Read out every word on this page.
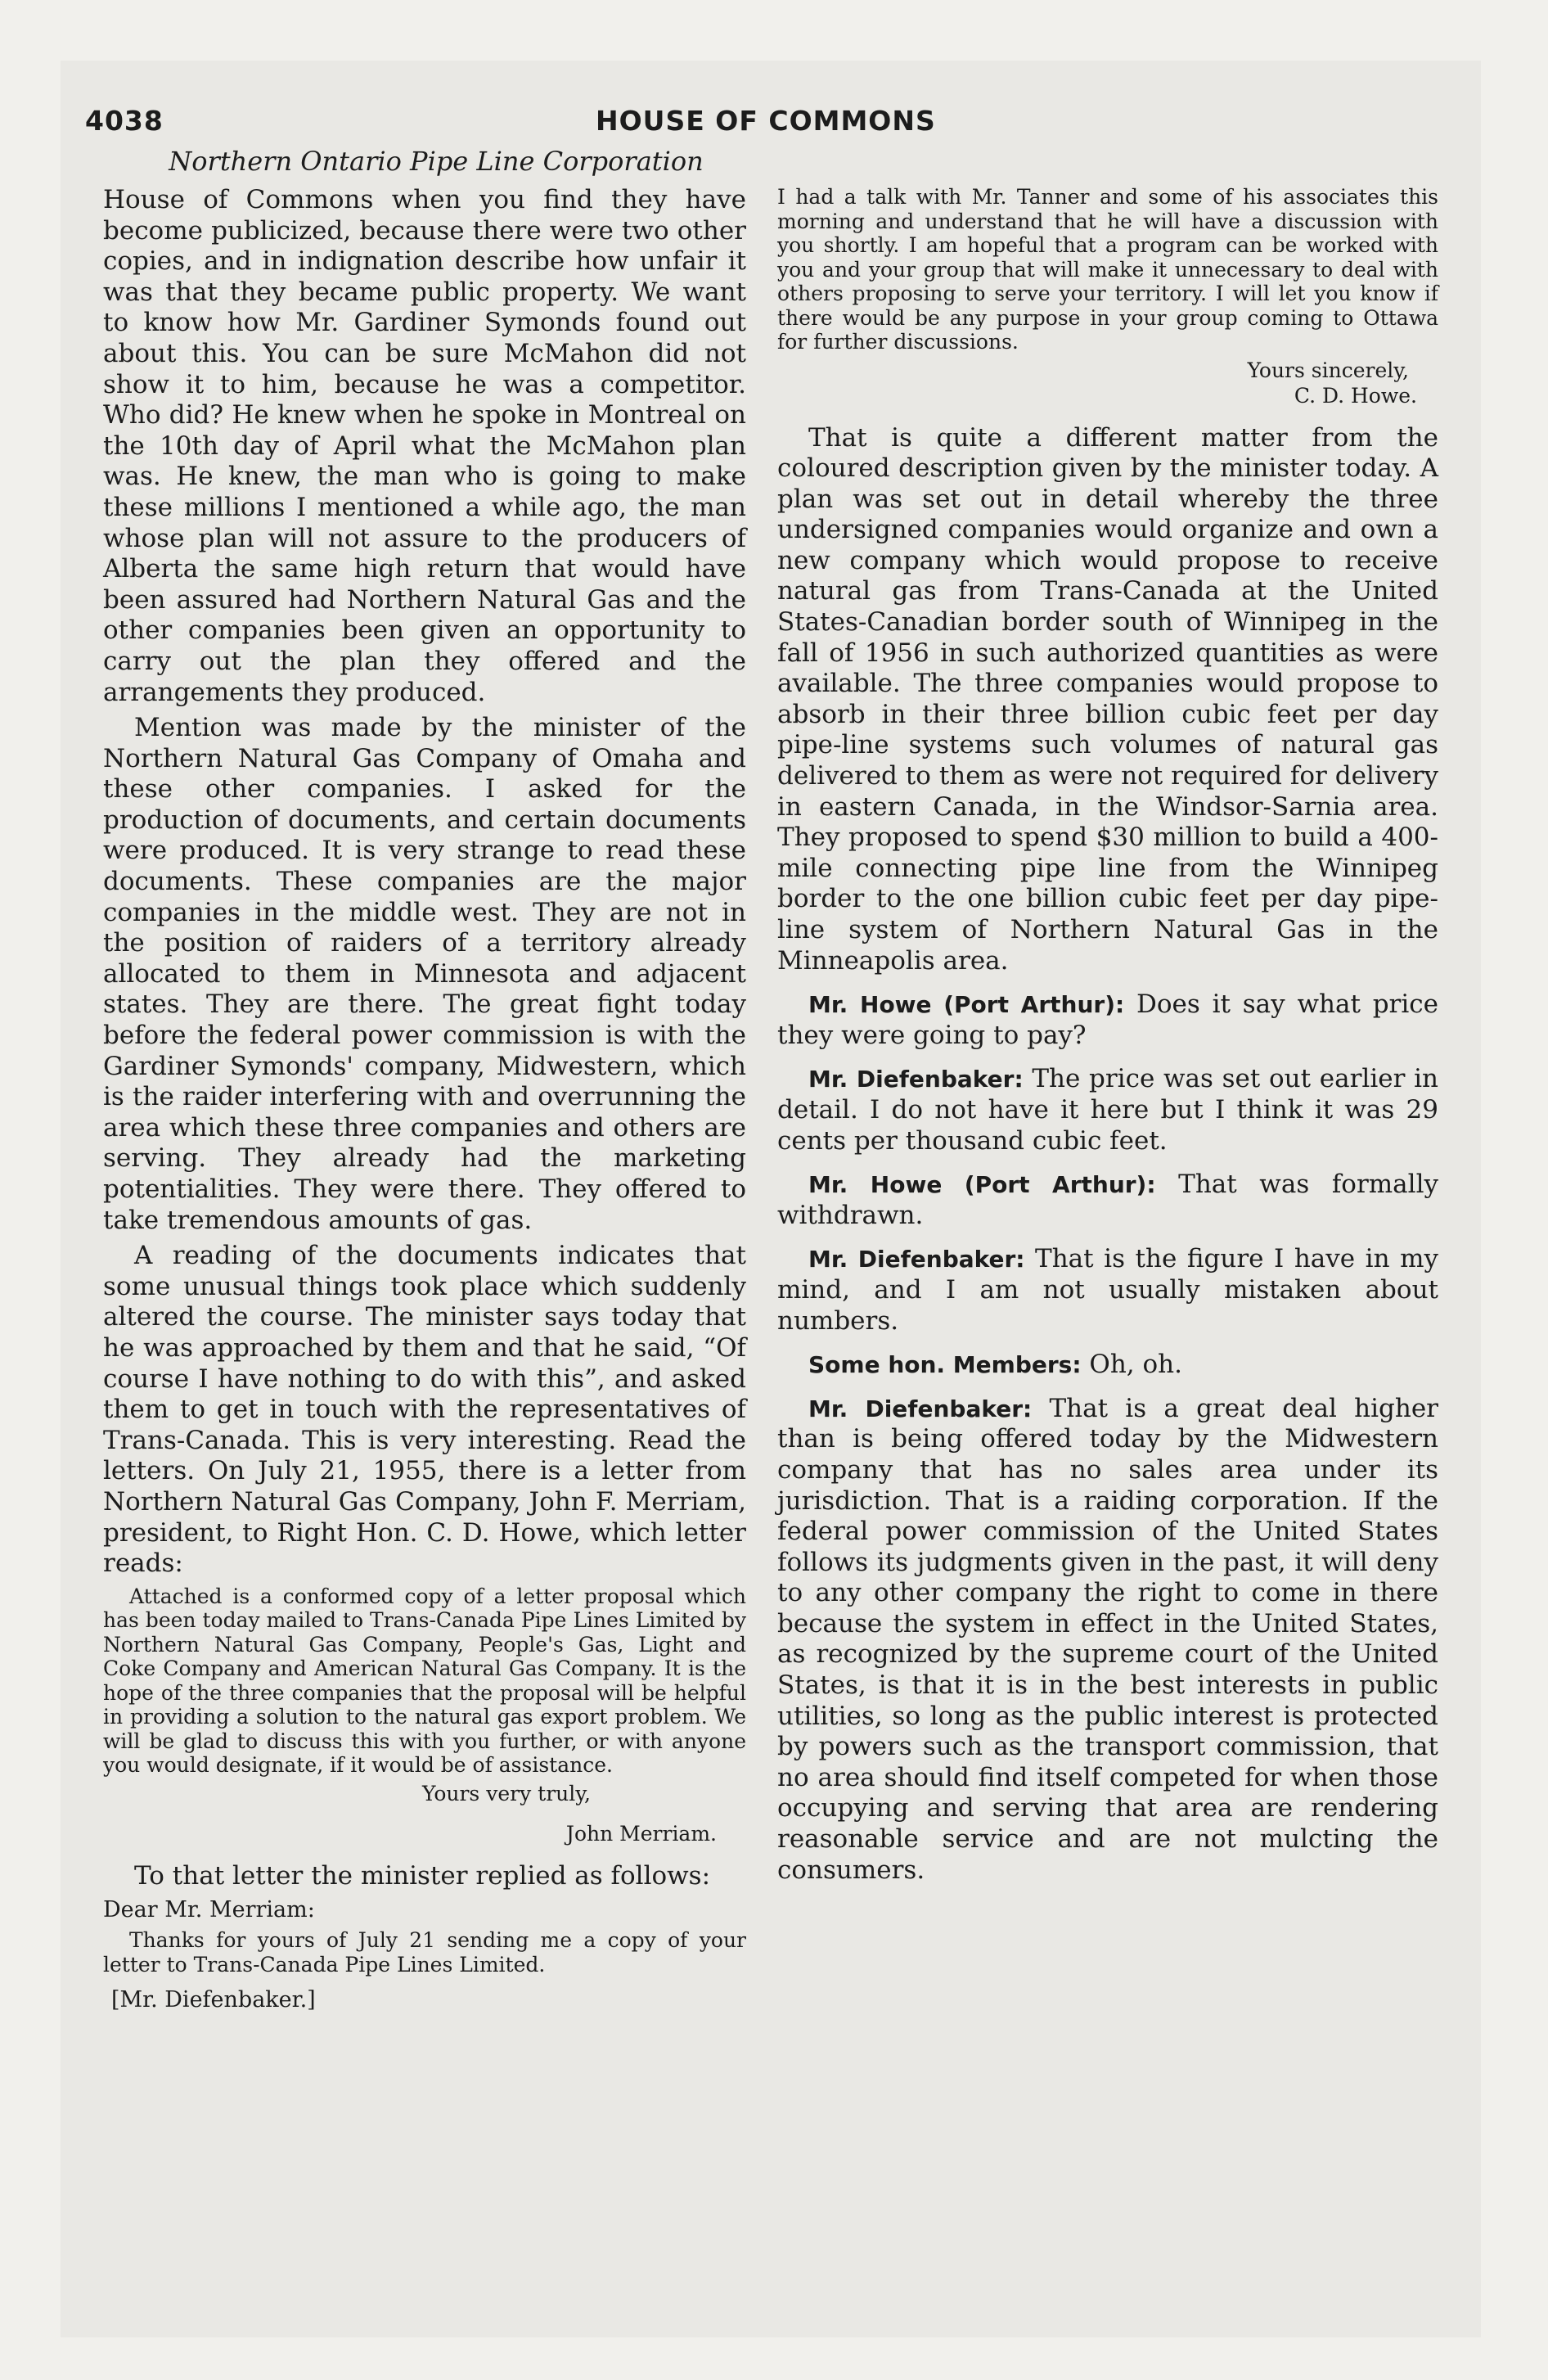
4038	HOUSE OF COMMONS
Northern Ontario Pipe Line Corporation

House of Commons when you find they have become publicized, because there were two other copies, and in indignation describe how unfair it was that they became public property. We want to know how Mr. Gardiner Symonds found out about this. You can be sure McMahon did not show it to him, because he was a competitor. Who did? He knew when he spoke in Montreal on the 10th day of April what the McMahon plan was. He knew, the man who is going to make these millions I mentioned a while ago, the man whose plan will not assure to the producers of Alberta the same high return that would have been assured had Northern Natural Gas and the other companies been given an opportunity to carry out the plan they offered and the arrangements they produced.

Mention was made by the minister of the Northern Natural Gas Company of Omaha and these other companies. I asked for the production of documents, and certain documents were produced. It is very strange to read these documents. These companies are the major companies in the middle west. They are not in the position of raiders of a territory already allocated to them in Minnesota and adjacent states. They are there. The great fight today before the federal power commission is with the Gardiner Symonds' company, Midwestern, which is the raider interfering with and overrunning the area which these three companies and others are serving. They already had the marketing potentialities. They were there. They offered to take tremendous amounts of gas.

A reading of the documents indicates that some unusual things took place which suddenly altered the course. The minister says today that he was approached by them and that he said, “Of course I have nothing to do with this”, and asked them to get in touch with the representatives of Trans-Canada. This is very interesting. Read the letters. On July 21, 1955, there is a letter from Northern Natural Gas Company, John F. Merriam, president, to Right Hon. C. D. Howe, which letter reads:

Attached is a conformed copy of a letter proposal which has been today mailed to Trans-Canada Pipe Lines Limited by Northern Natural Gas Company, People's Gas, Light and Coke Company and American Natural Gas Company. It is the hope of the three companies that the proposal will be helpful in providing a solution to the natural gas export problem. We will be glad to discuss this with you further, or with anyone you would designate, if it would be of assistance.

Yours very truly,

John Merriam.

To that letter the minister replied as follows:

Dear Mr. Merriam:

Thanks for yours of July 21 sending me a copy of your letter to Trans-Canada Pipe Lines Limited.

[Mr. Diefenbaker.]

I had a talk with Mr. Tanner and some of his associates this morning and understand that he will have a discussion with you shortly. I am hopeful that a program can be worked with you and your group that will make it unnecessary to deal with others proposing to serve your territory. I will let you know if there would be any purpose in your group coming to Ottawa for further discussions.

Yours sincerely,

C. D. Howe.

That is quite a different matter from the coloured description given by the minister today. A plan was set out in detail whereby the three undersigned companies would organize and own a new company which would propose to receive natural gas from Trans-Canada at the United States-Canadian border south of Winnipeg in the fall of 1956 in such authorized quantities as were available. The three companies would propose to absorb in their three billion cubic feet per day pipe-line systems such volumes of natural gas delivered to them as were not required for delivery in eastern Canada, in the Windsor-Sarnia area. They proposed to spend $30 million to build a 400-mile connecting pipe line from the Winnipeg border to the one billion cubic feet per day pipe-line system of Northern Natural Gas in the Minneapolis area.

Mr. Howe (Port Arthur): Does it say what price they were going to pay?

Mr. Diefenbaker: The price was set out earlier in detail. I do not have it here but I think it was 29 cents per thousand cubic feet.

Mr. Howe (Port Arthur): That was formally withdrawn.

Mr. Diefenbaker: That is the figure I have in my mind, and I am not usually mistaken about numbers.

Some hon. Members: Oh, oh.

Mr. Diefenbaker: That is a great deal higher than is being offered today by the Midwestern company that has no sales area under its jurisdiction. That is a raiding corporation. If the federal power commission of the United States follows its judgments given in the past, it will deny to any other company the right to come in there because the system in effect in the United States, as recognized by the supreme court of the United States, is that it is in the best interests in public utilities, so long as the public interest is protected by powers such as the transport commission, that no area should find itself competed for when those occupying and serving that area are rendering reasonable service and are not mulcting the consumers.
